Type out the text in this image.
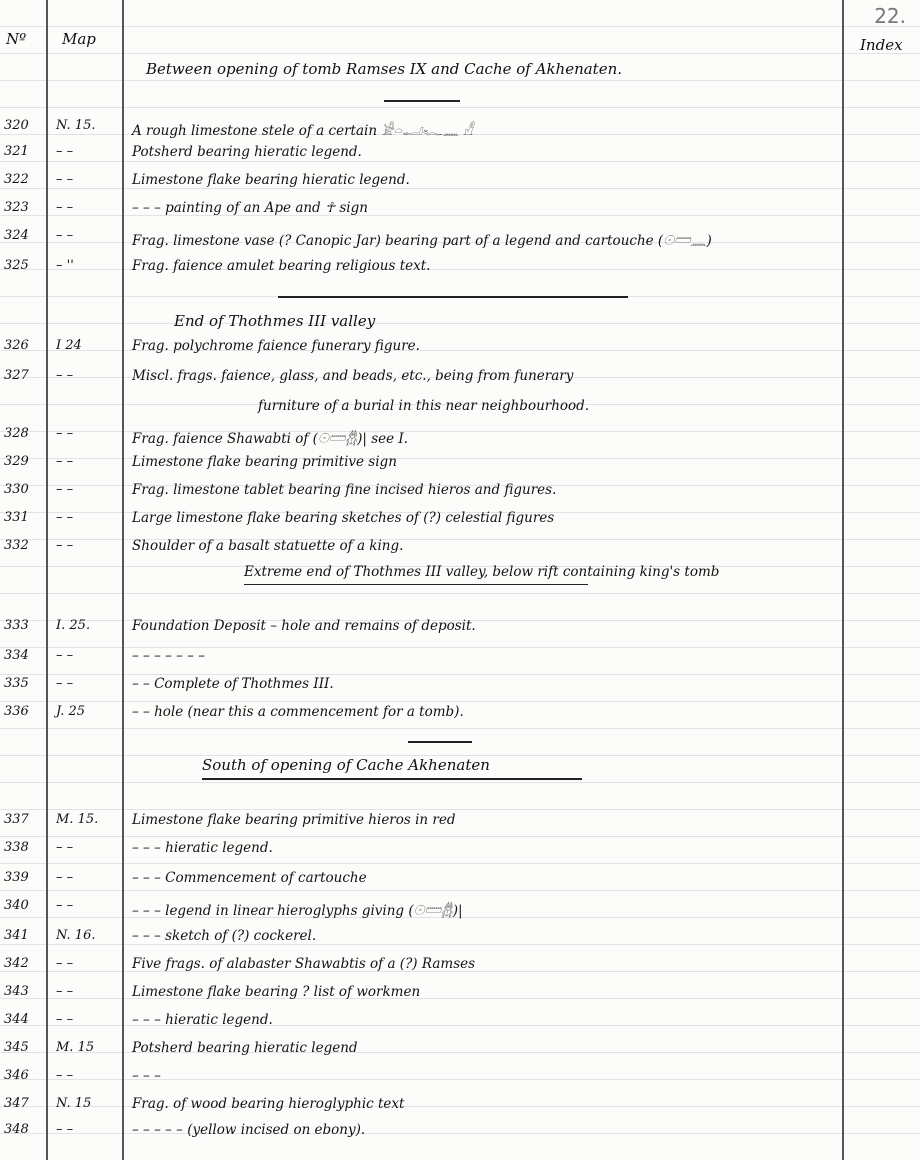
22.
Nº Map	Index
Between opening of tomb Ramses IX and Cache of Akhenaten.
End of Thothmes III valley
Extreme end of Thothmes III valley, below rift containing king's tomb
South of opening of Cache Akhenaten
furniture of a burial in this near neighbourhood.
320	N. 15.	A rough limestone stele of a certain 𓀀𓏏𓂝𓆑𓈖 𓀭
321	– –	Potsherd bearing hieratic legend.
322	– –	Limestone flake bearing hieratic legend.
323	– –	– – – painting of an Ape and ☥ sign
324	– –	Frag. limestone vase (? Canopic Jar) bearing part of a legend and cartouche (𓇳𓏠𓈖)
325	– ''	Frag. faience amulet bearing religious text.
326	I 24	Frag. polychrome faience funerary figure.
327	– –	Miscl. frags. faience, glass, and beads, etc., being from funerary
328	– –	Frag. faience Shawabti of (𓇳𓏠𓆣)| see I.
329	– –	Limestone flake bearing primitive sign
330	– –	Frag. limestone tablet bearing fine incised hieros and figures.
331	– –	Large limestone flake bearing sketches of (?) celestial figures
332	– –	Shoulder of a basalt statuette of a king.
333	I. 25.	Foundation Deposit – hole and remains of deposit.
334	– –	– – – – – – –
335	– –	– – Complete of Thothmes III.
336	J. 25	– – hole (near this a commencement for a tomb).
337	M. 15.	Limestone flake bearing primitive hieros in red
338	– –	– – – hieratic legend.
339	– –	– – – Commencement of cartouche
340	– –	– – – legend in linear hieroglyphs giving (𓇳𓏠𓆣)|
341	N. 16.	– – – sketch of (?) cockerel.
342	– –	Five frags. of alabaster Shawabtis of a (?) Ramses
343	– –	Limestone flake bearing ? list of workmen
344	– –	– – – hieratic legend.
345	M. 15	Potsherd bearing hieratic legend
346	– –	– – –
347	N. 15	Frag. of wood bearing hieroglyphic text
348	– –	– – – – – (yellow incised on ebony).
